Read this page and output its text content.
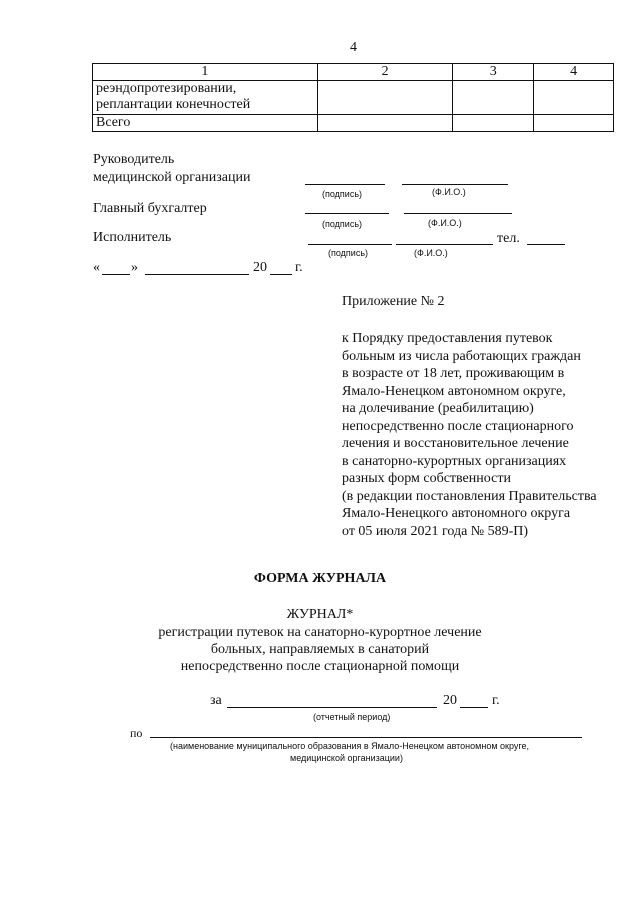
4
1	2	3	4

реэндопротезировании,
реплантации конечностей			

Всего			
Руководитель
медицинской организации
(подпись)	(Ф.И.О.)
Главный бухгалтер
(подпись)	(Ф.И.О.)
Исполнитель	тел.
(подпись)	(Ф.И.О.)
« »	20 г.
Приложение № 2
к Порядку предоставления путевок
больным из числа работающих граждан
в возрасте от 18 лет, проживающим в
Ямало-Ненецком автономном округе,
на долечивание (реабилитацию)
непосредственно после стационарного
лечения и восстановительное лечение
в санаторно-курортных организациях
разных форм собственности
(в редакции постановления Правительства
Ямало-Ненецкого автономного округа
от 05 июля 2021 года № 589-П)
ФОРМА ЖУРНАЛА
ЖУРНАЛ*
регистрации путевок на санаторно-курортное лечение
больных, направляемых в санаторий
непосредственно после стационарной помощи
за	20	г.
(отчетный период)
по
(наименование муниципального образования в Ямало-Ненецком автономном округе,
медицинской организации)
